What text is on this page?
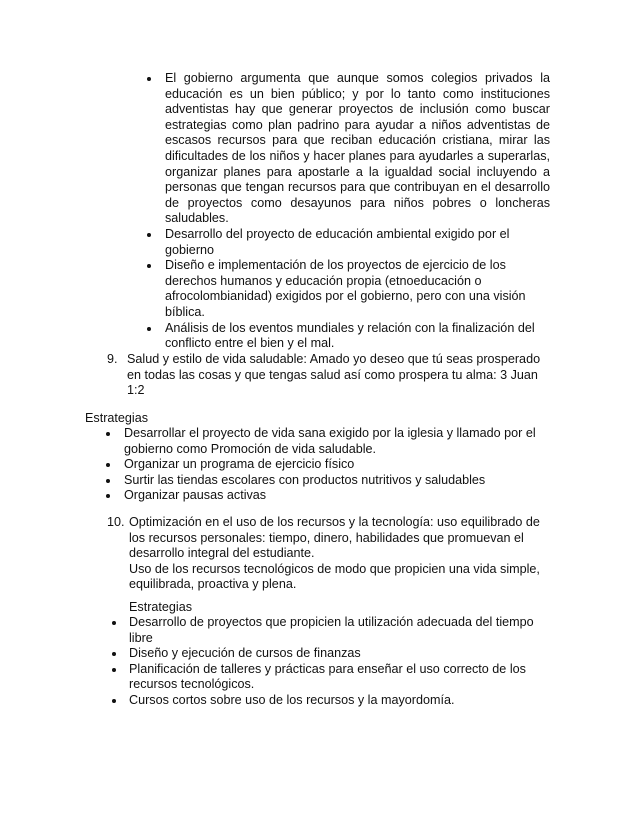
El gobierno argumenta que aunque somos colegios privados la educación es un bien público; y por lo tanto como instituciones adventistas hay que generar proyectos de inclusión como buscar estrategias como plan padrino para ayudar a niños adventistas de escasos recursos para que reciban educación cristiana, mirar las dificultades de los niños y hacer planes para ayudarles a superarlas, organizar planes para apostarle a la igualdad social incluyendo a personas que tengan recursos para que contribuyan en el desarrollo de proyectos como desayunos para niños pobres o loncheras saludables.
Desarrollo del proyecto de educación ambiental exigido por el gobierno
Diseño e implementación de los proyectos de ejercicio de los derechos humanos y educación propia (etnoeducación o afrocolombianidad) exigidos por el gobierno, pero con una visión bíblica.
Análisis de los eventos mundiales y relación con la finalización del conflicto entre el bien y el mal.
9. Salud y estilo de vida saludable: Amado yo deseo que tú seas prosperado en todas las cosas y que tengas salud así como prospera tu alma: 3 Juan 1:2
Estrategias
Desarrollar el proyecto de vida sana exigido por la iglesia y llamado por el gobierno como Promoción de vida saludable.
Organizar un programa de ejercicio físico
Surtir las tiendas escolares con productos nutritivos y saludables
Organizar pausas activas
10. Optimización en el uso de los recursos y la tecnología: uso equilibrado de los recursos personales: tiempo, dinero, habilidades que promuevan el desarrollo integral del estudiante.
Uso de los recursos tecnológicos de modo que propicien una vida simple, equilibrada, proactiva y plena.
Estrategias
Desarrollo de proyectos que propicien la utilización adecuada del tiempo libre
Diseño y ejecución de cursos de finanzas
Planificación de talleres y prácticas para enseñar el uso correcto de los recursos tecnológicos.
Cursos cortos sobre uso de los recursos y la mayordomía.
